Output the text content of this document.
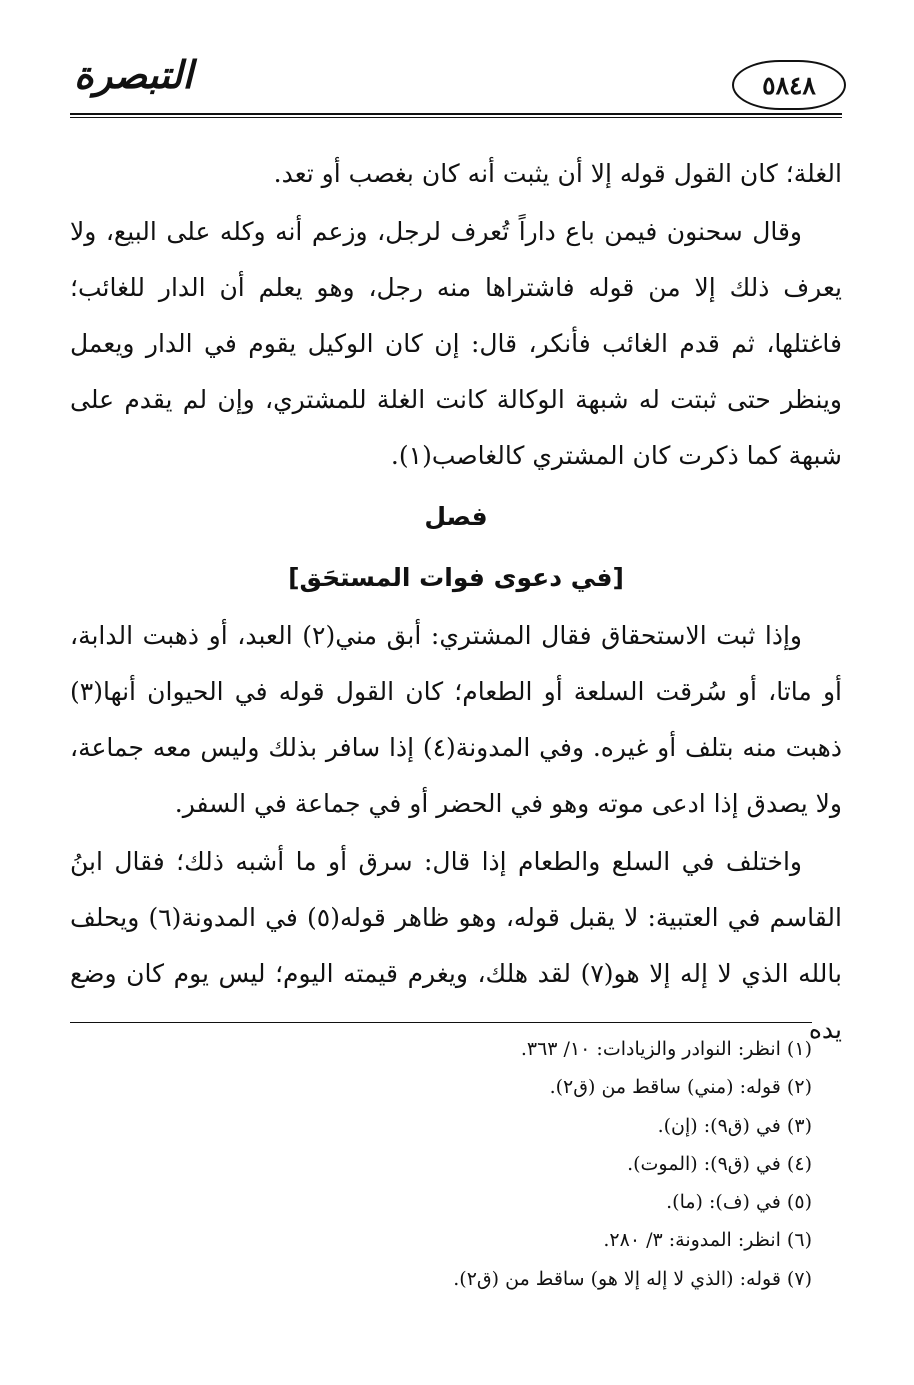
٥٨٤٨
التبصرة

الغلة؛ كان القول قوله إلا أن يثبت أنه كان بغصب أو تعد.

وقال سحنون فيمن باع داراً تُعرف لرجل، وزعم أنه وكله على البيع، ولا يعرف ذلك إلا من قوله فاشتراها منه رجل، وهو يعلم أن الدار للغائب؛ فاغتلها، ثم قدم الغائب فأنكر، قال: إن كان الوكيل يقوم في الدار ويعمل وينظر حتى ثبتت له شبهة الوكالة كانت الغلة للمشتري، وإن لم يقدم على شبهة كما ذكرت كان المشتري كالغاصب(١).

فصل

[في دعوى فوات المستحَق]

وإذا ثبت الاستحقاق فقال المشتري: أبق مني(٢) العبد، أو ذهبت الدابة، أو ماتا، أو سُرقت السلعة أو الطعام؛ كان القول قوله في الحيوان أنها(٣) ذهبت منه بتلف أو غيره. وفي المدونة(٤) إذا سافر بذلك وليس معه جماعة، ولا يصدق إذا ادعى موته وهو في الحضر أو في جماعة في السفر.

واختلف في السلع والطعام إذا قال: سرق أو ما أشبه ذلك؛ فقال ابنُ القاسم في العتبية: لا يقبل قوله، وهو ظاهر قوله(٥) في المدونة(٦) ويحلف بالله الذي لا إله إلا هو(٧) لقد هلك، ويغرم قيمته اليوم؛ ليس يوم كان وضع يده

(١) انظر: النوادر والزيادات: ١٠/ ٣٦٣.
(٢) قوله: (مني) ساقط من (ق٢).
(٣) في (ق٩): (إن).
(٤) في (ق٩): (الموت).
(٥) في (ف): (ما).
(٦) انظر: المدونة: ٣/ ٢٨٠.
(٧) قوله: (الذي لا إله إلا هو) ساقط من (ق٢).
